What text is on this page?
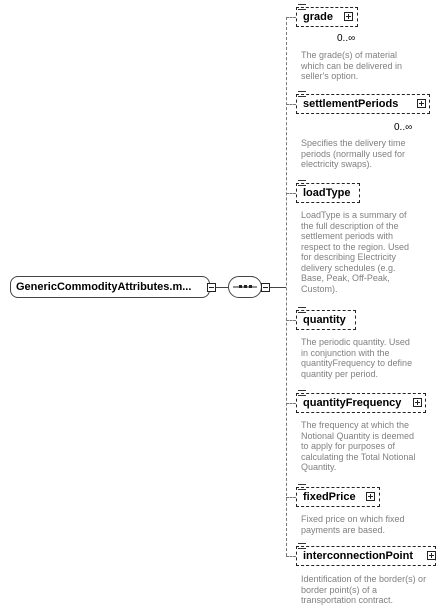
GenericCommodityAttributes.m...
grade
0..∞
The grade(s) of material which can be delivered in seller's option.
settlementPeriods
0..∞
Specifies the delivery time periods (normally used for electricity swaps).
loadType
LoadType is a summary of the full description of the settlement periods with respect to the region. Used for describing Electricity delivery schedules (e.g. Base, Peak, Off-Peak, Custom).
quantity
The periodic quantity. Used in conjunction with the quantityFrequency to define quantity per period.
quantityFrequency
The frequency at which the Notional Quantity is deemed to apply for purposes of calculating the Total Notional Quantity.
fixedPrice
Fixed price on which fixed payments are based.
interconnectionPoint
Identification of the border(s) or border point(s) of a transportation contract.
